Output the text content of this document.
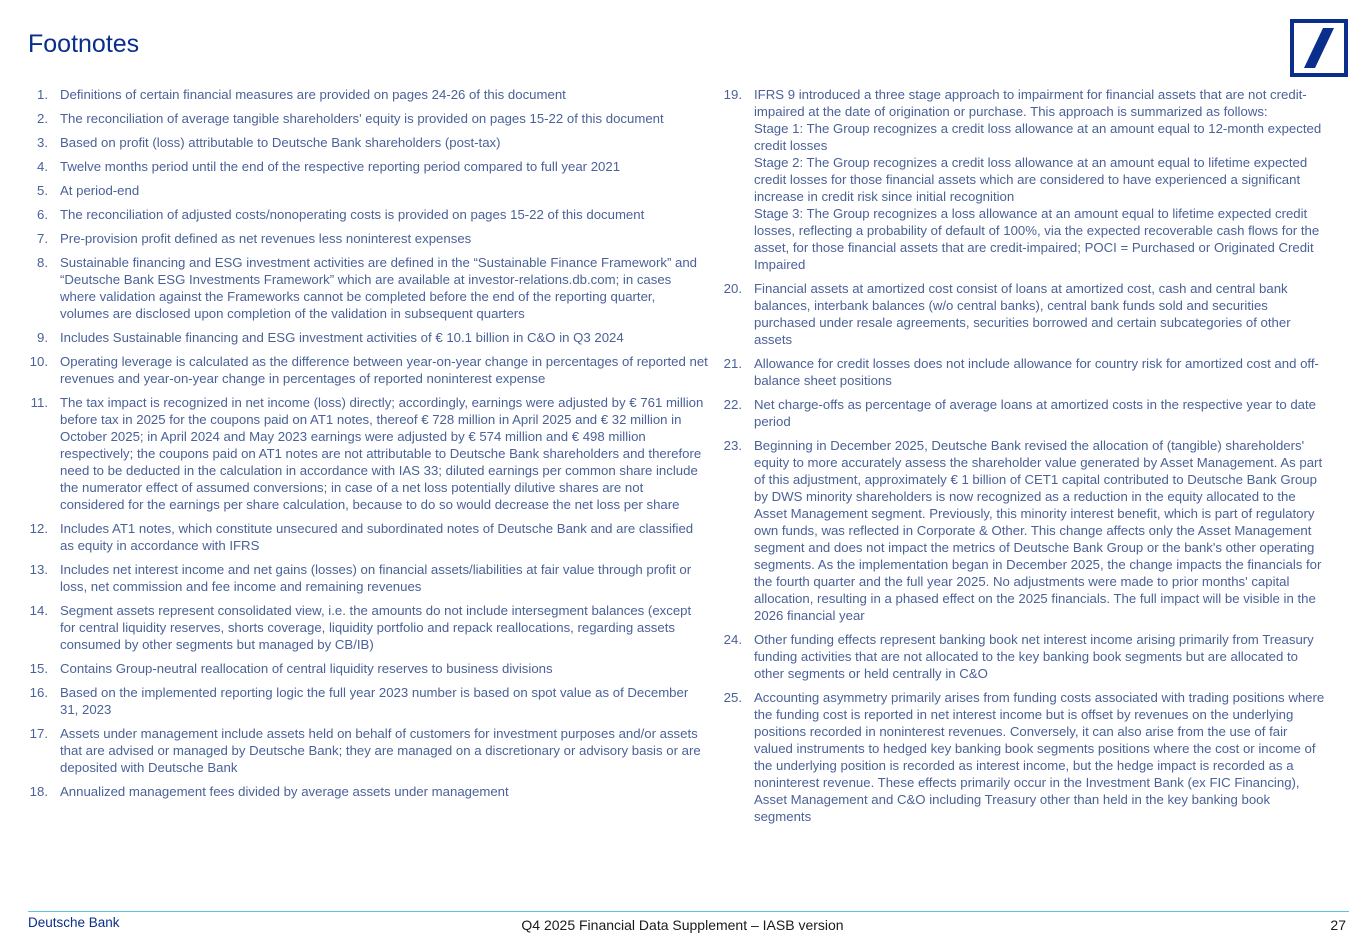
Footnotes
1. Definitions of certain financial measures are provided on pages 24-26 of this document
2. The reconciliation of average tangible shareholders' equity is provided on pages 15-22 of this document
3. Based on profit (loss) attributable to Deutsche Bank shareholders (post-tax)
4. Twelve months period until the end of the respective reporting period compared to full year 2021
5. At period-end
6. The reconciliation of adjusted costs/nonoperating costs is provided on pages 15-22 of this document
7. Pre-provision profit defined as net revenues less noninterest expenses
8. Sustainable financing and ESG investment activities are defined in the “Sustainable Finance Framework” and “Deutsche Bank ESG Investments Framework” which are available at investor-relations.db.com; in cases where validation against the Frameworks cannot be completed before the end of the reporting quarter, volumes are disclosed upon completion of the validation in subsequent quarters
9. Includes Sustainable financing and ESG investment activities of € 10.1 billion in C&O in Q3 2024
10. Operating leverage is calculated as the difference between year-on-year change in percentages of reported net revenues and year-on-year change in percentages of reported noninterest expense
11. The tax impact is recognized in net income (loss) directly; accordingly, earnings were adjusted by € 761 million before tax in 2025 for the coupons paid on AT1 notes, thereof € 728 million in April 2025 and € 32 million in October 2025; in April 2024 and May 2023 earnings were adjusted by € 574 million and € 498 million respectively; the coupons paid on AT1 notes are not attributable to Deutsche Bank shareholders and therefore need to be deducted in the calculation in accordance with IAS 33; diluted earnings per common share include the numerator effect of assumed conversions; in case of a net loss potentially dilutive shares are not considered for the earnings per share calculation, because to do so would decrease the net loss per share
12. Includes AT1 notes, which constitute unsecured and subordinated notes of Deutsche Bank and are classified as equity in accordance with IFRS
13. Includes net interest income and net gains (losses) on financial assets/liabilities at fair value through profit or loss, net commission and fee income and remaining revenues
14. Segment assets represent consolidated view, i.e. the amounts do not include intersegment balances (except for central liquidity reserves, shorts coverage, liquidity portfolio and repack reallocations, regarding assets consumed by other segments but managed by CB/IB)
15. Contains Group-neutral reallocation of central liquidity reserves to business divisions
16. Based on the implemented reporting logic the full year 2023 number is based on spot value as of December 31, 2023
17. Assets under management include assets held on behalf of customers for investment purposes and/or assets that are advised or managed by Deutsche Bank; they are managed on a discretionary or advisory basis or are deposited with Deutsche Bank
18. Annualized management fees divided by average assets under management
19. IFRS 9 introduced a three stage approach to impairment for financial assets that are not credit-impaired at the date of origination or purchase. This approach is summarized as follows:
Stage 1: The Group recognizes a credit loss allowance at an amount equal to 12-month expected credit losses
Stage 2: The Group recognizes a credit loss allowance at an amount equal to lifetime expected credit losses for those financial assets which are considered to have experienced a significant increase in credit risk since initial recognition
Stage 3: The Group recognizes a loss allowance at an amount equal to lifetime expected credit losses, reflecting a probability of default of 100%, via the expected recoverable cash flows for the asset, for those financial assets that are credit-impaired; POCI = Purchased or Originated Credit Impaired
20. Financial assets at amortized cost consist of loans at amortized cost, cash and central bank balances, interbank balances (w/o central banks), central bank funds sold and securities purchased under resale agreements, securities borrowed and certain subcategories of other assets
21. Allowance for credit losses does not include allowance for country risk for amortized cost and off-balance sheet positions
22. Net charge-offs as percentage of average loans at amortized costs in the respective year to date period
23. Beginning in December 2025, Deutsche Bank revised the allocation of (tangible) shareholders' equity to more accurately assess the shareholder value generated by Asset Management. As part of this adjustment, approximately € 1 billion of CET1 capital contributed to Deutsche Bank Group by DWS minority shareholders is now recognized as a reduction in the equity allocated to the Asset Management segment. Previously, this minority interest benefit, which is part of regulatory own funds, was reflected in Corporate & Other. This change affects only the Asset Management segment and does not impact the metrics of Deutsche Bank Group or the bank's other operating segments. As the implementation began in December 2025, the change impacts the financials for the fourth quarter and the full year 2025. No adjustments were made to prior months' capital allocation, resulting in a phased effect on the 2025 financials. The full impact will be visible in the 2026 financial year
24. Other funding effects represent banking book net interest income arising primarily from Treasury funding activities that are not allocated to the key banking book segments but are allocated to other segments or held centrally in C&O
25. Accounting asymmetry primarily arises from funding costs associated with trading positions where the funding cost is reported in net interest income but is offset by revenues on the underlying positions recorded in noninterest revenues. Conversely, it can also arise from the use of fair valued instruments to hedged key banking book segments positions where the cost or income of the underlying position is recorded as interest income, but the hedge impact is recorded as a noninterest revenue. These effects primarily occur in the Investment Bank (ex FIC Financing), Asset Management and C&O including Treasury other than held in the key banking book segments
Deutsche Bank	Q4 2025 Financial Data Supplement – IASB version	27
